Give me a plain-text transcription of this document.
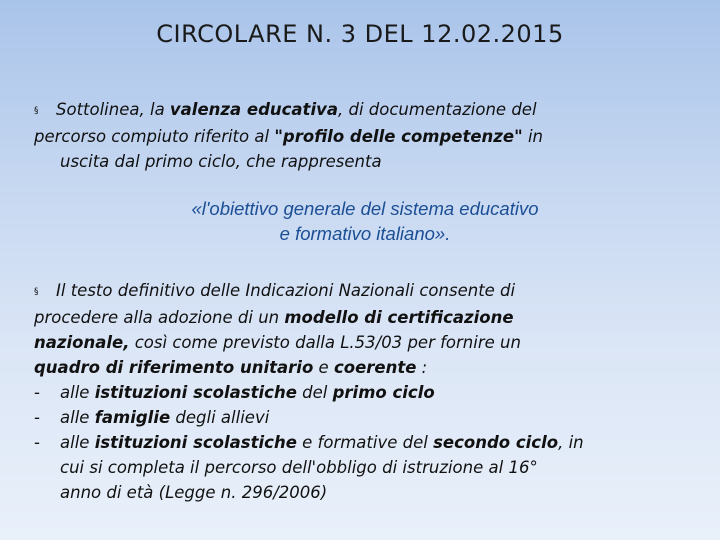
CIRCOLARE N. 3 DEL 12.02.2015
§ Sottolinea, la valenza educativa, di documentazione del
percorso compiuto riferito al "profilo delle competenze" in
uscita dal primo ciclo, che rappresenta
«l'obiettivo generale del sistema educativo
e formativo italiano».
§ Il testo definitivo delle Indicazioni Nazionali consente di
procedere alla adozione di un modello di certificazione
nazionale, così come previsto dalla L.53/03 per fornire un
quadro di riferimento unitario e coerente :
- alle istituzioni scolastiche del primo ciclo
- alle famiglie degli allievi
- alle istituzioni scolastiche e formative del secondo ciclo, in
cui si completa il percorso dell'obbligo di istruzione al 16°
anno di età (Legge n. 296/2006)
